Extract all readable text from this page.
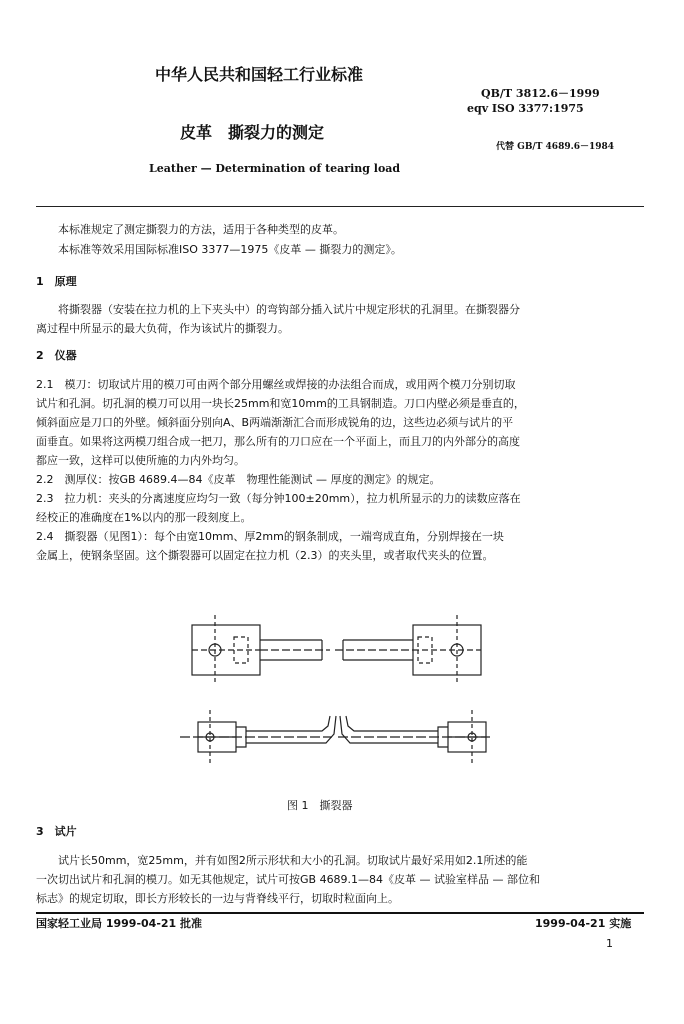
中华人民共和国轻工行业标准
QB/T 3812.6－1999
eqv ISO 3377:1975
皮革　撕裂力的测定
代替 GB/T 4689.6－1984
Leather — Determination of tearing load
本标准规定了测定撕裂力的方法，适用于各种类型的皮革。
本标准等效采用国际标准ISO 3377—1975《皮革 — 撕裂力的测定》。
1　原理
将撕裂器（安装在拉力机的上下夹头中）的弯钩部分插入试片中规定形状的孔洞里。在撕裂器分
离过程中所显示的最大负荷，作为该试片的撕裂力。
2　仪器
2.1　模刀：切取试片用的模刀可由两个部分用螺丝或焊接的办法组合而成，或用两个模刀分别切取
试片和孔洞。切孔洞的模刀可以用一块长25mm和宽10mm的工具钢制造。刀口内壁必须是垂直的，
倾斜面应是刀口的外壁。倾斜面分别向A、B两端渐渐汇合而形成锐角的边，这些边必须与试片的平
面垂直。如果将这两模刀组合成一把刀，那么所有的刀口应在一个平面上，而且刀的内外部分的高度
都应一致，这样可以使所施的力内外均匀。
2.2　测厚仪：按GB 4689.4—84《皮革　物理性能测试 — 厚度的测定》的规定。
2.3　拉力机：夹头的分离速度应均匀一致（每分钟100±20mm），拉力机所显示的力的读数应落在
经校正的准确度在1%以内的那一段刻度上。
2.4　撕裂器（见图1）：每个由宽10mm、厚2mm的钢条制成，一端弯成直角，分别焊接在一块
金属上，使钢条坚固。这个撕裂器可以固定在拉力机（2.3）的夹头里，或者取代夹头的位置。
图 1　撕裂器
3　试片
试片长50mm，宽25mm，并有如图2所示形状和大小的孔洞。切取试片最好采用如2.1所述的能
一次切出试片和孔洞的模刀。如无其他规定，试片可按GB 4689.1—84《皮革 — 试验室样品 — 部位和
标志》的规定切取，即长方形较长的一边与背脊线平行，切取时粒面向上。
国家轻工业局 1999-04-21 批准	1999-04-21 实施
1
